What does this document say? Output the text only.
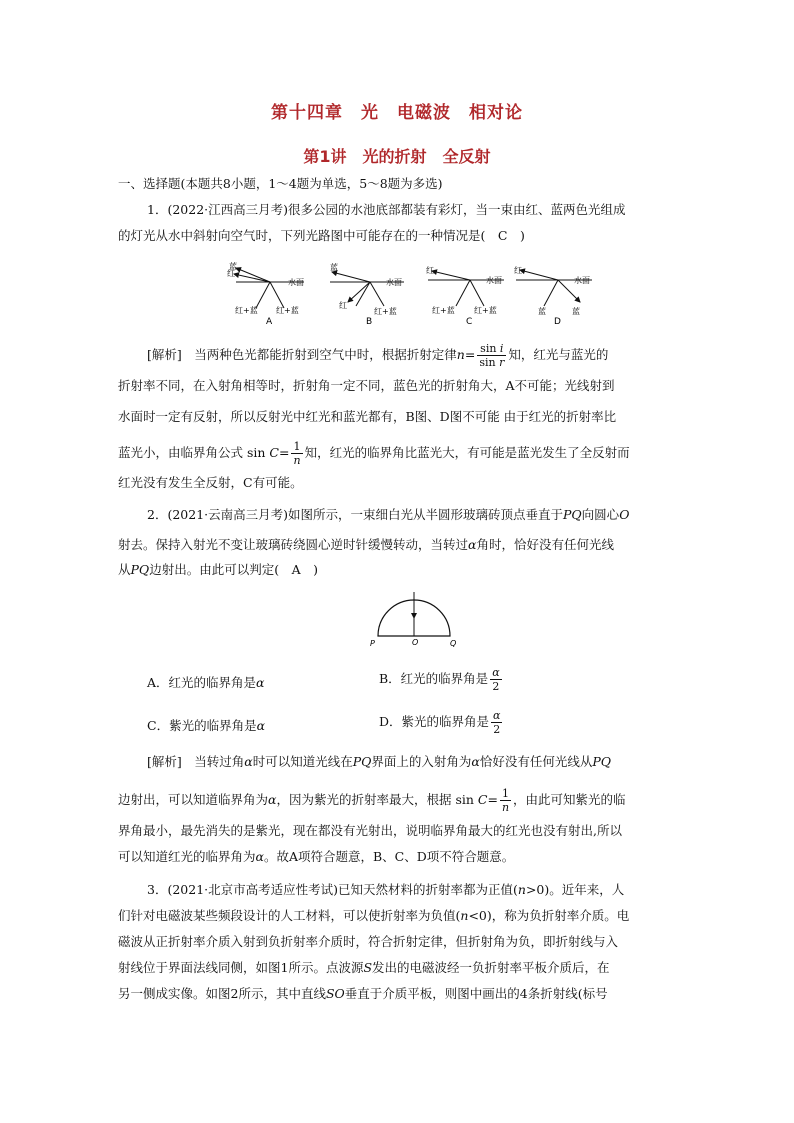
第十四章　光　电磁波　相对论
第1讲　光的折射　全反射
一、选择题(本题共8小题，1～4题为单选，5～8题为多选)
1．(2022·江西高三月考)很多公园的水池底部都装有彩灯，当一束由红、蓝两色光组成
的灯光从水中斜射向空气时，下列光路图中可能存在的一种情况是(　C　)
蓝
红
水面
红+蓝 红+蓝
A
蓝
红
水面
红+蓝
B
红
水面
红+蓝 红+蓝
C
红
水面
蓝	蓝
D
[解析]　当两种色光都能折射到空气中时，根据折射定律$n= \frac{\text{sin i}}{\text{sin r}}$ 知，红光与蓝光的
折射率不同，在入射角相等时，折射角一定不同，蓝色光的折射角大，A不可能；光线射到
水面时一定有反射，所以反射光中红光和蓝光都有，B图、D图不可能 由于红光的折射率比
蓝光小，由临界角公式 $\sin C= \frac{1}{n}$ 知，红光的临界角比蓝光大，有可能是蓝光发生了全反射而
红光没有发生全反射，C有可能。
2．(2021·云南高三月考)如图所示，一束细白光从半圆形玻璃砖顶点垂直于PQ向圆心O
射去。保持入射光不变让玻璃砖绕圆心逆时针缓慢转动，当转过α角时，恰好没有任何光线
从PQ边射出。由此可以判定(　A　)
P	O	Q
A．红光的临界角是α	B．红光的临界角是 $\frac{\alpha}{2}$
C．紫光的临界角是α	D．紫光的临界角是 $\frac{\alpha}{2}$
[解析]　当转过角α时可以知道光线在PQ界面上的入射角为α恰好没有任何光线从PQ
边射出，可以知道临界角为α，因为紫光的折射率最大，根据 $\sin C= \frac{1}{n}$ ，由此可知紫光的临
界角最小，最先消失的是紫光，现在都没有光射出，说明临界角最大的红光也没有射出,所以
可以知道红光的临界角为α。故A项符合题意，B、C、D项不符合题意。
3．(2021·北京市高考适应性考试)已知天然材料的折射率都为正值(n>0)。近年来，人
们针对电磁波某些频段设计的人工材料，可以使折射率为负值(n<0)，称为负折射率介质。电
磁波从正折射率介质入射到负折射率介质时，符合折射定律，但折射角为负，即折射线与入
射线位于界面法线同侧，如图1所示。点波源S发出的电磁波经一负折射率平板介质后，在
另一侧成实像。如图2所示，其中直线SO垂直于介质平板，则图中画出的4条折射线(标号
